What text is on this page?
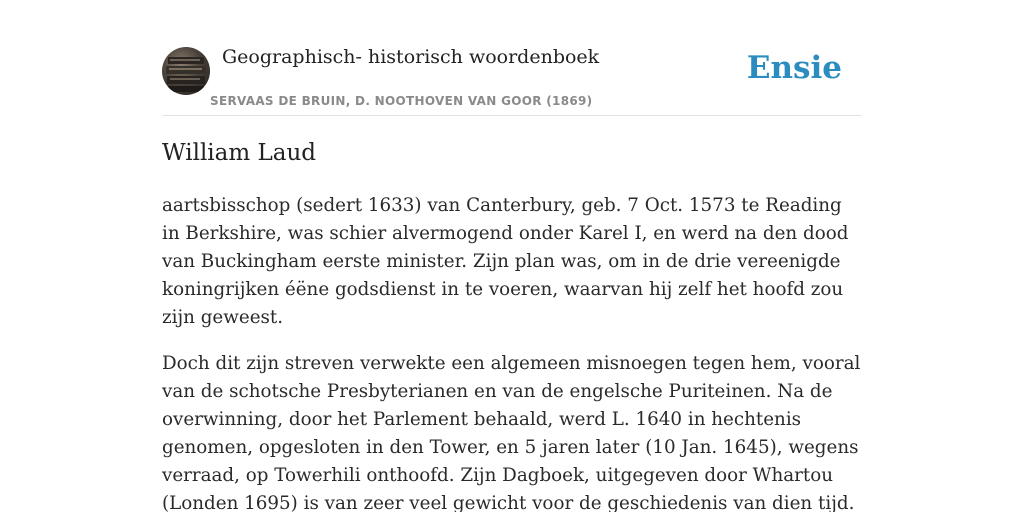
Geographisch- historisch woordenboek
SERVAAS DE BRUIN, D. NOOTHOVEN VAN GOOR (1869)
Ensie
William Laud

aartsbisschop (sedert 1633) van Canterbury, geb. 7 Oct. 1573 te Reading in Berkshire, was schier alvermogend onder Karel I, en werd na den dood van Buckingham eerste minister. Zijn plan was, om in de drie vereenigde koningrijken éëne godsdienst in te voeren, waarvan hij zelf het hoofd zou zijn geweest.

Doch dit zijn streven verwekte een algemeen misnoegen tegen hem, vooral van de schotsche Presbyterianen en van de engelsche Puriteinen. Na de overwinning, door het Parlement behaald, werd L. 1640 in hechtenis genomen, opgesloten in den Tower, en 5 jaren later (10 Jan. 1645), wegens verraad, op Towerhili onthoofd. Zijn Dagboek, uitgegeven door Whartou (Londen 1695) is van zeer veel gewicht voor de geschiedenis van dien tijd.
